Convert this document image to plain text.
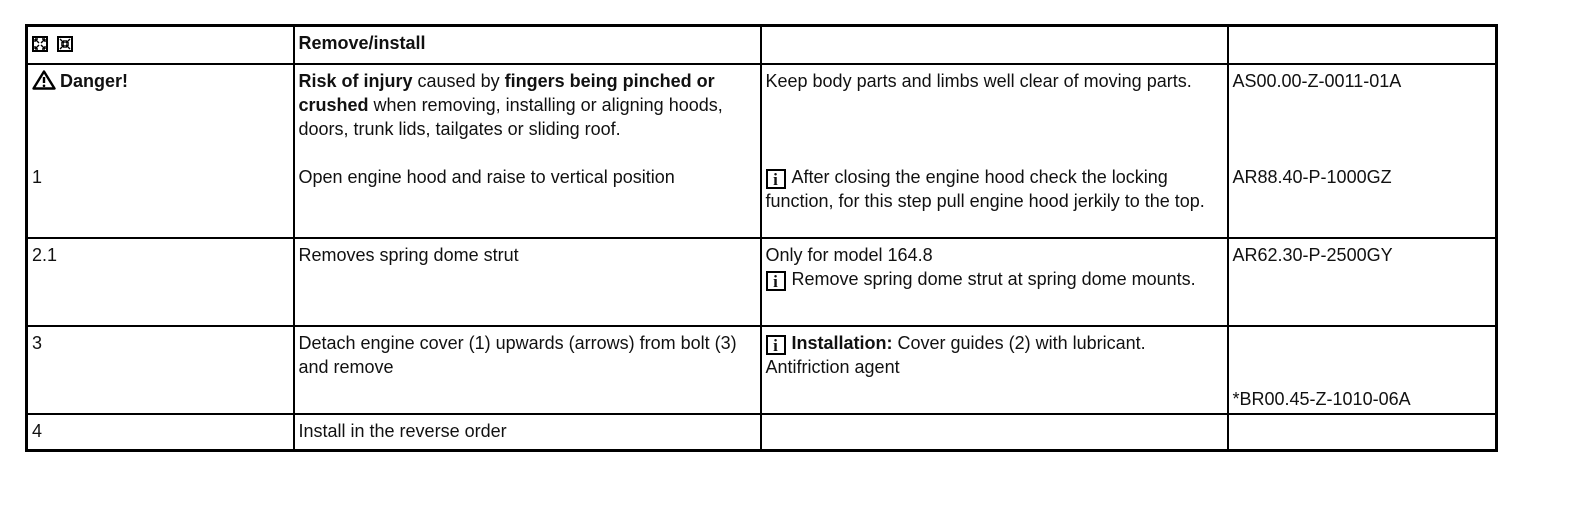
	Remove/install		
Danger!	Risk of injury caused by fingers being pinched or crushed when removing, installing or aligning hoods, doors, trunk lids, tailgates or sliding roof.	Keep body parts and limbs well clear of moving parts.	AS00.00-Z-0011-01A
1	Open engine hood and raise to vertical position	i After closing the engine hood check the locking function, for this step pull engine hood jerkily to the top.	AR88.40-P-1000GZ
2.1	Removes spring dome strut	Only for model 164.8
i Remove spring dome strut at spring dome mounts.	AR62.30-P-2500GY
3	Detach engine cover (1) upwards (arrows) from bolt (3) and remove	i Installation: Cover guides (2) with lubricant.
Antifriction agent	*BR00.45-Z-1010-06A
4	Install in the reverse order		
